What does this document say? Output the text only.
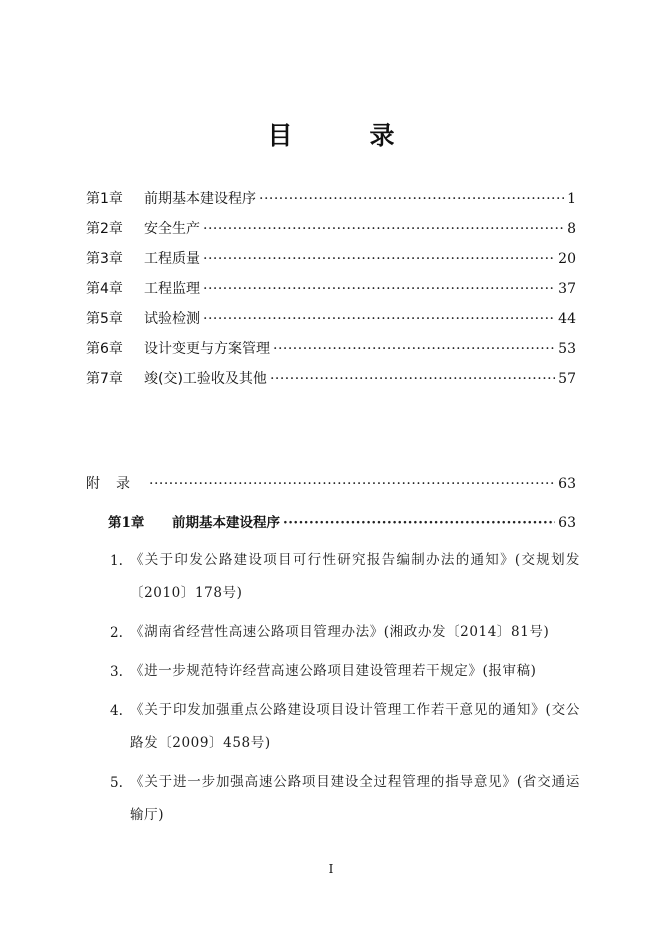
目　录
第1章	前期基本建设程序 ·····	1
第2章	安全生产 ·····	8
第3章	工程质量 ·····	20
第4章	工程监理 ·····	37
第5章	试验检测 ·····	44
第6章	设计变更与方案管理 ·····	53
第7章	竣(交)工验收及其他 ·····	57
附录 ·····	63
第1章	前期基本建设程序 ·····	63
1. 《关于印发公路建设项目可行性研究报告编制办法的通知》(交规划发〔2010〕178号)
2. 《湖南省经营性高速公路项目管理办法》(湘政办发〔2014〕81号)
3. 《进一步规范特许经营高速公路项目建设管理若干规定》(报审稿)
4. 《关于印发加强重点公路建设项目设计管理工作若干意见的通知》(交公路发〔2009〕458号)
5. 《关于进一步加强高速公路项目建设全过程管理的指导意见》(省交通运输厅)
I
